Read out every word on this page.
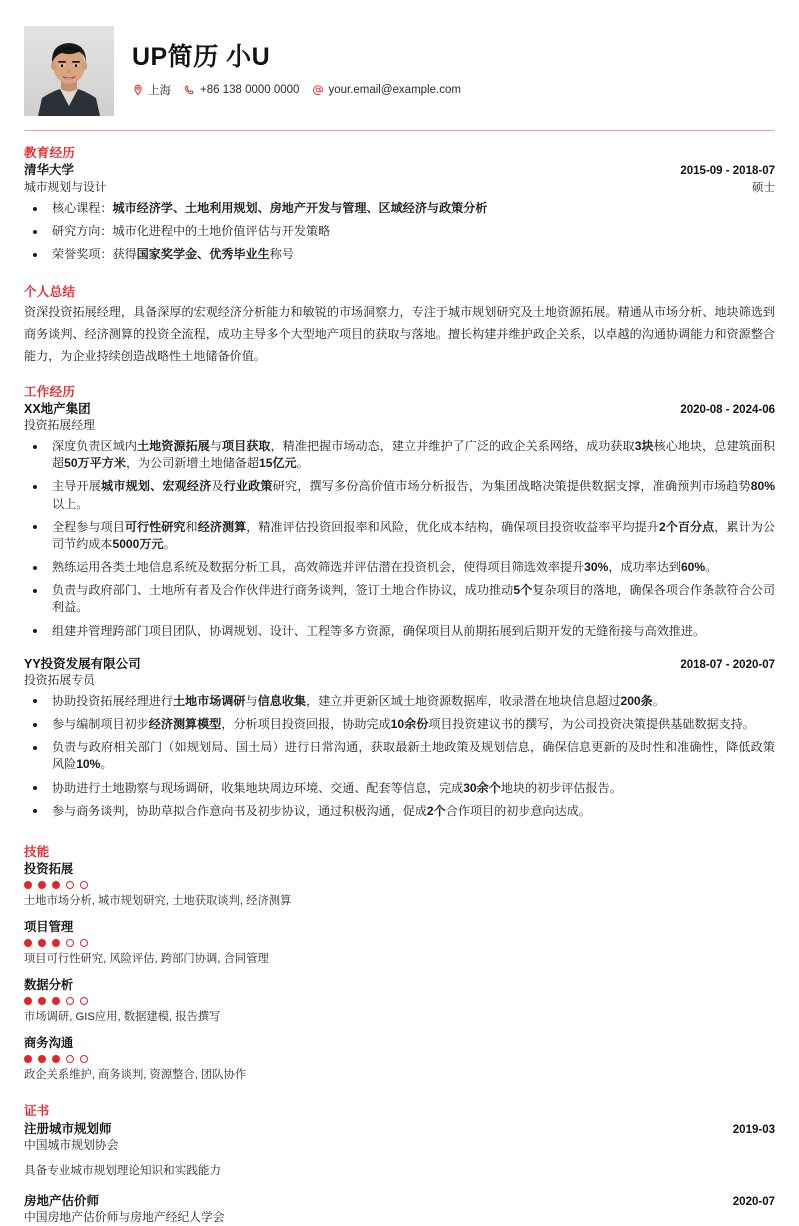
UP简历 小U
上海	+86 138 0000 0000	your.email@example.com
教育经历
清华大学	2015-09 - 2018-07
城市规划与设计	硕士
核心课程：城市经济学、土地利用规划、房地产开发与管理、区域经济与政策分析
研究方向：城市化进程中的土地价值评估与开发策略
荣誉奖项：获得国家奖学金、优秀毕业生称号
个人总结
资深投资拓展经理，具备深厚的宏观经济分析能力和敏锐的市场洞察力，专注于城市规划研究及土地资源拓展。精通从市场分析、地块筛选到商务谈判、经济测算的投资全流程，成功主导多个大型地产项目的获取与落地。擅长构建并维护政企关系，以卓越的沟通协调能力和资源整合能力，为企业持续创造战略性土地储备价值。
工作经历
XX地产集团	2020-08 - 2024-06
投资拓展经理
深度负责区域内土地资源拓展与项目获取，精准把握市场动态，建立并维护了广泛的政企关系网络，成功获取3块核心地块，总建筑面积超50万平方米，为公司新增土地储备超15亿元。
主导开展城市规划、宏观经济及行业政策研究，撰写多份高价值市场分析报告，为集团战略决策提供数据支撑，准确预判市场趋势80%以上。
全程参与项目可行性研究和经济测算，精准评估投资回报率和风险，优化成本结构，确保项目投资收益率平均提升2个百分点，累计为公司节约成本5000万元。
熟练运用各类土地信息系统及数据分析工具，高效筛选并评估潜在投资机会，使得项目筛选效率提升30%，成功率达到60%。
负责与政府部门、土地所有者及合作伙伴进行商务谈判，签订土地合作协议，成功推动5个复杂项目的落地，确保各项合作条款符合公司利益。
组建并管理跨部门项目团队，协调规划、设计、工程等多方资源，确保项目从前期拓展到后期开发的无缝衔接与高效推进。
YY投资发展有限公司	2018-07 - 2020-07
投资拓展专员
协助投资拓展经理进行土地市场调研与信息收集，建立并更新区域土地资源数据库，收录潜在地块信息超过200条。
参与编制项目初步经济测算模型，分析项目投资回报，协助完成10余份项目投资建议书的撰写，为公司投资决策提供基础数据支持。
负责与政府相关部门（如规划局、国土局）进行日常沟通，获取最新土地政策及规划信息，确保信息更新的及时性和准确性，降低政策风险10%。
协助进行土地勘察与现场调研，收集地块周边环境、交通、配套等信息，完成30余个地块的初步评估报告。
参与商务谈判，协助草拟合作意向书及初步协议，通过积极沟通，促成2个合作项目的初步意向达成。
技能
投资拓展
土地市场分析, 城市规划研究, 土地获取谈判, 经济测算
项目管理
项目可行性研究, 风险评估, 跨部门协调, 合同管理
数据分析
市场调研, GIS应用, 数据建模, 报告撰写
商务沟通
政企关系维护, 商务谈判, 资源整合, 团队协作
证书
注册城市规划师	2019-03
中国城市规划协会
具备专业城市规划理论知识和实践能力
房地产估价师	2020-07
中国房地产估价师与房地产经纪人学会
